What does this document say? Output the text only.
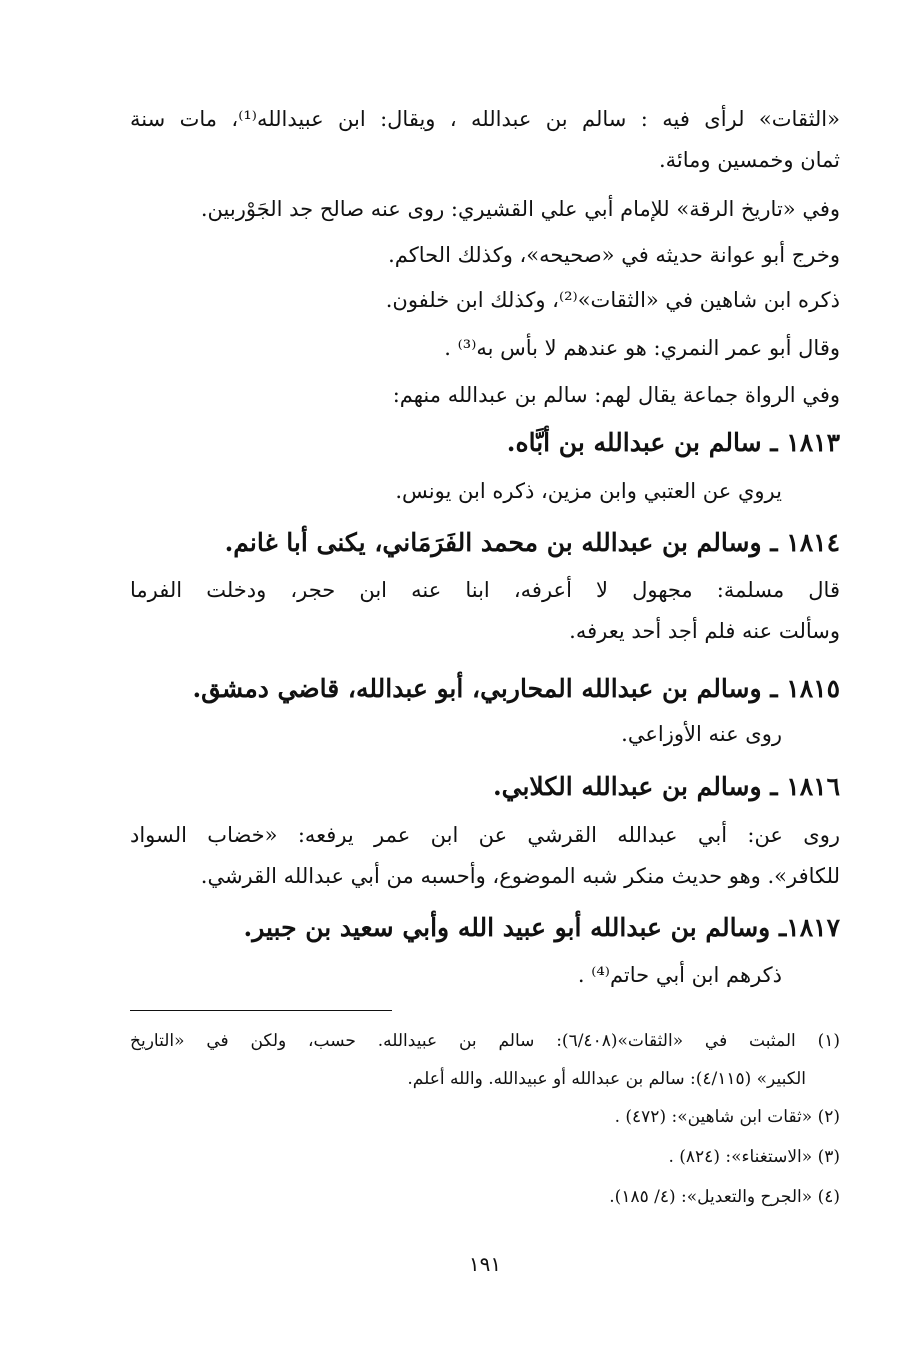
«الثقات» لرأى فيه : سالم بن عبدالله ، ويقال: ابن عبيدالله⁽¹⁾، مات سنة
ثمان وخمسين ومائة.
وفي «تاريخ الرقة» للإمام أبي علي القشيري: روى عنه صالح جد الجَوْربين.
وخرج أبو عوانة حديثه في «صحيحه»، وكذلك الحاكم.
ذكره ابن شاهين في «الثقات»⁽²⁾، وكذلك ابن خلفون.
وقال أبو عمر النمري: هو عندهم لا بأس به⁽³⁾ .
وفي الرواة جماعة يقال لهم: سالم بن عبدالله منهم:
١٨١٣ ـ سالم بن عبدالله بن أبَّاه.
يروي عن العتبي وابن مزين، ذكره ابن يونس.
١٨١٤ ـ وسالم بن عبدالله بن محمد الفَرَمَاني، يكنى أبا غانم.
قال مسلمة: مجهول لا أعرفه، ابنا عنه ابن حجر، ودخلت الفرما
وسألت عنه فلم أجد أحد يعرفه.
١٨١٥ ـ وسالم بن عبدالله المحاربي، أبو عبدالله، قاضي دمشق.
روى عنه الأوزاعي.
١٨١٦ ـ وسالم بن عبدالله الكلابي.
روى عن: أبي عبدالله القرشي عن ابن عمر يرفعه: «خضاب السواد
للكافر». وهو حديث منكر شبه الموضوع، وأحسبه من أبي عبدالله القرشي.
١٨١٧ـ وسالم بن عبدالله أبو عبيد الله وأبي سعيد بن جبير.
ذكرهم ابن أبي حاتم⁽⁴⁾ .
(١) المثبت في «الثقات»(٦/٤٠٨): سالم بن عبيدالله. حسب، ولكن في «التاريخ
الكبير» (٤/١١٥): سالم بن عبدالله أو عبيدالله. والله أعلم.
(٢) «ثقات ابن شاهين»: (٤٧٢) .
(٣) «الاستغناء»: (٨٢٤) .
(٤) «الجرح والتعديل»: (٤/ ١٨٥).
١٩١
